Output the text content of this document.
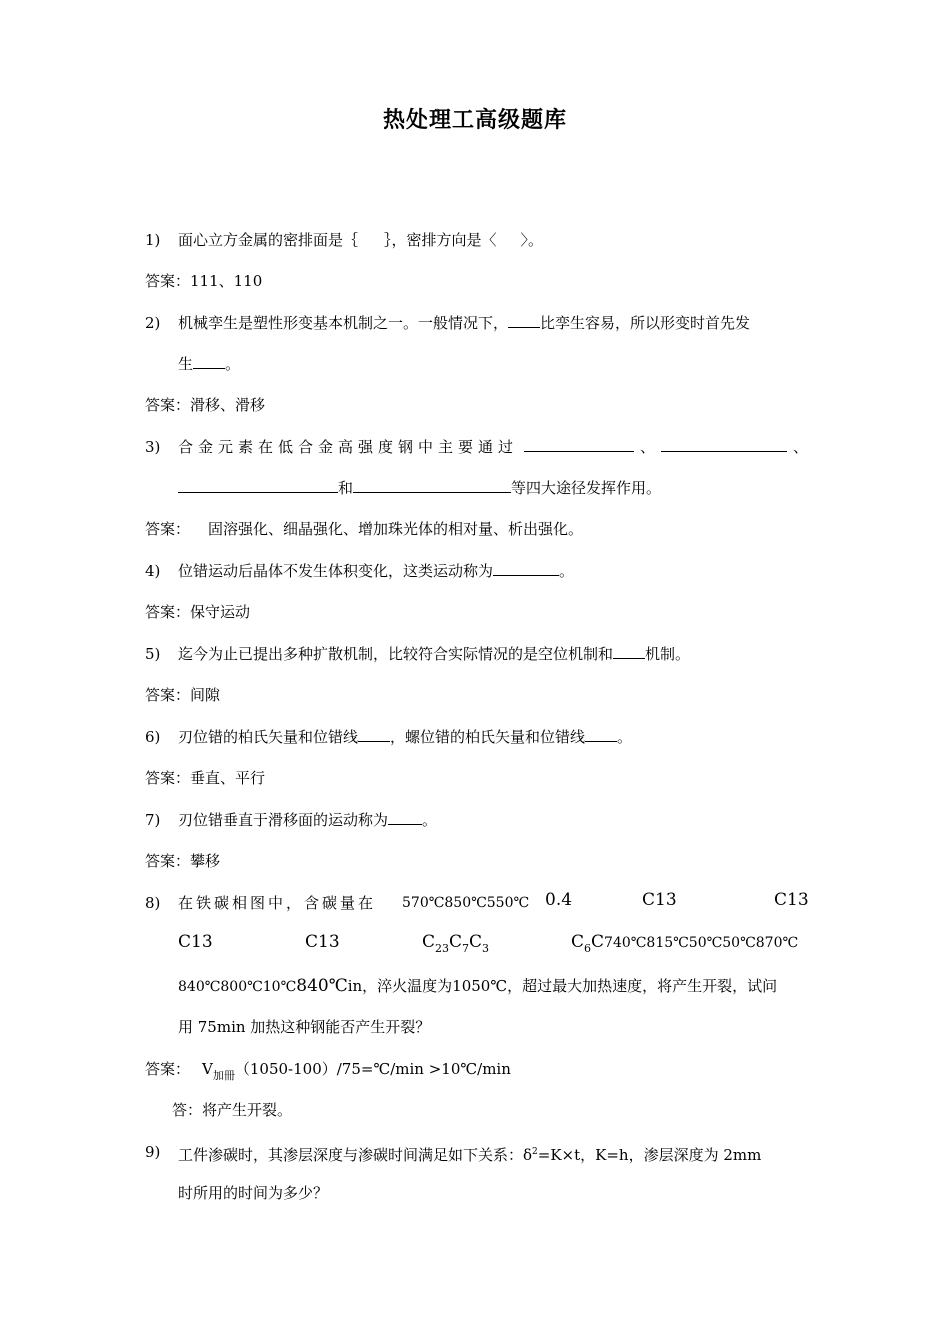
热处理工高级题库
1) 面心立方金属的密排面是｛ ｝，密排方向是〈 〉。
答案：111、110
2) 机械孪生是塑性形变基本机制之一。一般情况下， 比孪生容易，所以形变时首先发
生 。
答案：滑移、滑移
3) 合金元素在低合金高强度钢中主要通过	、	、
和	等四大途径发挥作用。
答案： 固溶强化、细晶强化、增加珠光体的相对量、析出强化。
4) 位错运动后晶体不发生体积变化，这类运动称为	。
答案：保守运动
5) 迄今为止已提出多种扩散机制，比较符合实际情况的是空位机制和 机制。
答案：间隙
6) 刃位错的柏氏矢量和位错线 ，螺位错的柏氏矢量和位错线 。
答案：垂直、平行
7) 刃位错垂直于滑移面的运动称为 。
答案：攀移
8) 在铁碳相图中，含碳量在 570℃850℃550℃ 0.4	C13	C13
C13	C13	$C_{23}C_7C_3$	$C_6C740℃815℃50℃50℃870℃$
840℃800℃10℃840℃in，淬火温度为1050℃，超过最大加热速度，将产生开裂，试问
用 75min 加热这种钢能否产生开裂？
答案： $V_{加冊}(1050-100)/75=℃/\min$ >10℃/min
答：将产生开裂。
9) 工件渗碳时，其渗层深度与渗碳时间满足如下关系：$\delta^2=K\times t$，K=h，渗层深度为 2mm
时所用的时间为多少？
